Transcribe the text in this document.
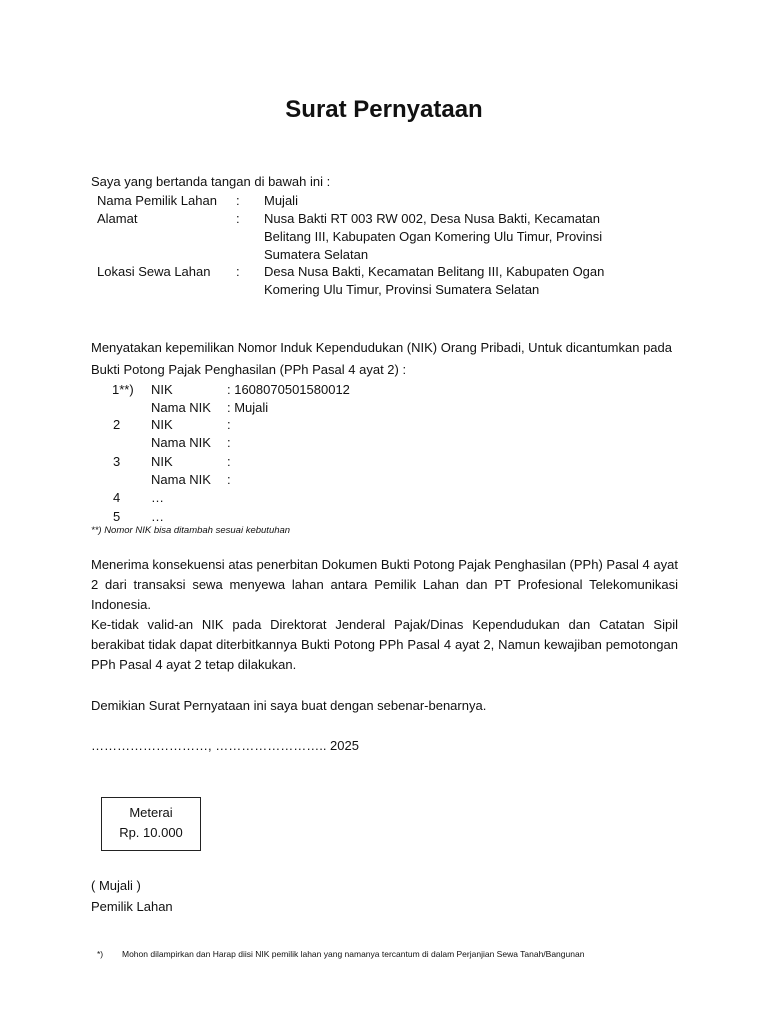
Surat Pernyataan
Saya yang bertanda tangan di bawah ini :
Nama Pemilik Lahan : Mujali
Alamat	: Nusa Bakti RT 003 RW 002, Desa Nusa Bakti, Kecamatan
Belitang III, Kabupaten Ogan Komering Ulu Timur, Provinsi
Sumatera Selatan
Lokasi Sewa Lahan : Desa Nusa Bakti, Kecamatan Belitang III, Kabupaten Ogan
Komering Ulu Timur, Provinsi Sumatera Selatan
Menyatakan kepemilikan Nomor Induk Kependudukan (NIK) Orang Pribadi, Untuk dicantumkan pada
Bukti Potong Pajak Penghasilan (PPh Pasal 4 ayat 2) :
1**) NIK	: 1608070501580012
Nama NIK : Mujali
2 NIK	:
Nama NIK :
3 NIK	:
Nama NIK :
4 …
5 …
**) Nomor NIK bisa ditambah sesuai kebutuhan
Menerima konsekuensi atas penerbitan Dokumen Bukti Potong Pajak Penghasilan (PPh) Pasal 4 ayat 2 dari transaksi sewa menyewa lahan antara Pemilik Lahan dan PT Profesional Telekomunikasi Indonesia.
Ke-tidak valid-an NIK pada Direktorat Jenderal Pajak/Dinas Kependudukan dan Catatan Sipil berakibat tidak dapat diterbitkannya Bukti Potong PPh Pasal 4 ayat 2, Namun kewajiban pemotongan PPh Pasal 4 ayat 2 tetap dilakukan.
Demikian Surat Pernyataan ini saya buat dengan sebenar-benarnya.
………………………, …………………….. 2025
Meterai
Rp. 10.000
( Mujali )
Pemilik Lahan
*) Mohon dilampirkan dan Harap diisi NIK pemilik lahan yang namanya tercantum di dalam Perjanjian Sewa Tanah/Bangunan
